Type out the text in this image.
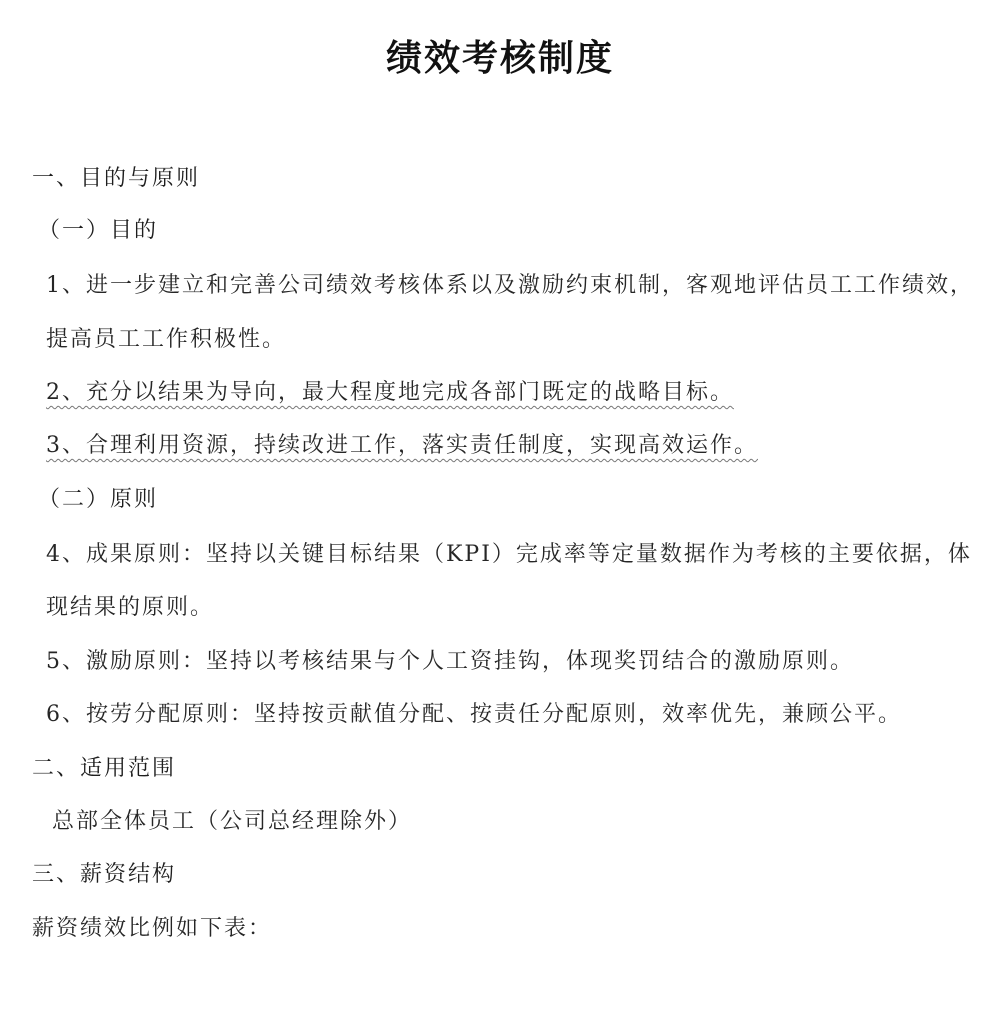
绩效考核制度
一、目的与原则
（一）目的
1、进一步建立和完善公司绩效考核体系以及激励约束机制，客观地评估员工工作绩效，
提高员工工作积极性。
2、充分以结果为导向，最大程度地完成各部门既定的战略目标。
3、合理利用资源，持续改进工作，落实责任制度，实现高效运作。
（二）原则
4、成果原则：坚持以关键目标结果（KPI）完成率等定量数据作为考核的主要依据，体
现结果的原则。
5、激励原则：坚持以考核结果与个人工资挂钩，体现奖罚结合的激励原则。
6、按劳分配原则：坚持按贡献值分配、按责任分配原则，效率优先，兼顾公平。
二、适用范围
总部全体员工（公司总经理除外）
三、薪资结构
薪资绩效比例如下表：
